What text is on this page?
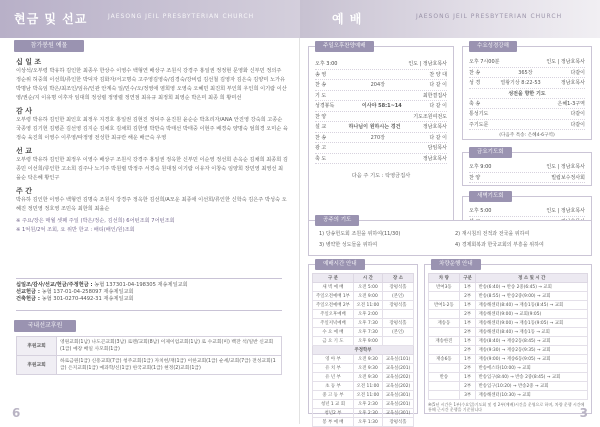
현금 및 선교	JAESONG JEIL PRESBYTERIAN CHURCH	예 배	JAESONG JEIL PRESBYTERIAN CHURCH
참가봉원 예물
십 일 조
이상석/오부령 박유하 김인한 최종우 한상수 이영수 백형연 배상구 조원식 강경주 홍일권 정정현 문영화 신부민 정의주 정순위 허중희 이선희/류인한 박덕자 김화자/서고명숙 고주영김영숙/김경숙/강비림 김선철 김영자 김은숙 김양미 노가유 박명남 박옥임 박은/최조인/임유/인관 안계숙 일/민수/오/정영애 염희영 오영숙 오혜민 최진희 부인희 우인희 이기람 이산영/권순/지 이유명 이후자 임대희 정성렬 정영렬 정연점 최유규 최정희 최영순 박은미 최종 희 황미선
감 사
오부령 박유하 김인한 최인호 최정우 지경호 홍일권 김현진 정덕주 윤진원 윤순순 박초리자/ANA 안진영 강숙희 고종순 국종영 김기헌 김병준 김선영 김지순 김채호 김채희 김한영 박반숙 박태선 박태중 이현주 배경숙 양명숙 엄희경 오미순 육정숙 육진희 이영수 이루영/따정영 전성한 최규란 해운 배근숙 우영
선 교
오부령 박유하 김인한 최정우 이영수 배상구 조원식 강경주 홍일권 정옥한 신부민 이순영 정선희 손옥순 김채희 최종희 김종민 이선희/류인한 고소희 김주나 노기주 박원렬 박정주 서경숙 원대점 이기람 이유자 이창숙 임양희 장민영 최영선 최을순 탁은혜 황인구
주 간
박유하 김인한 이영수 백형연 김명숙 조원식 강경주 정옥한 김선희/A모운 최종애 이선희/류인한 신학숙 김은주 박성숙 오혜진 정민영 정호영 조민옥 최한희 최을순
※ 주요/장은 매월 셋째 주일 (박은/정순, 김선희) 6어턴조회 7어턴조회
※ 1억원/2억 조회, 요 위반 한교 : 배티(배인/원)조회
십일조/감사/선교/헌금/주정헌금 : 농협 137301-04-198305 재송제일교회
선교헌금 : 농협 137-01-04-258097 재송제일교회
건축헌금 : 농협 301-0270-4492-31 재송제일교회
국내선교후원
후원교회	영원교회(1남) 나도곤교회(3남) 로렌/교회(8남) 이제이엄교회(1남) 로 수교회(미) 백잔 석/일반 신교회(1급) 예장 배일 사모회(1급)
후원교회	하로금원(1급) 신흥교회(7급) 청주교회(1급) 자치헌/재(1급) 이한교회(1급) 순세/교회(7급) 전성교회(1급) 은지교회(1급) 예과학/신(1급) 한국교회(1급) 현정(2)교회(1급)
6
주일오후찬양예배
오후 3:00	인도 | 정남호목사
송 영	찬 양 대
찬 송	204장	다 같 이
기 도	최한결집사
성경봉독	이사야 58:1~14	다 같 이
찬 양	기도조원여전도
설 교	하나님이 원하시는 경건	정남호목사
찬 송	270장	다 같 이
광 고	담임목사
축 도	정남호목사
다음 주 기도 : 탁영금집사
수요성경강해
오후 7시00분	인도 | 정남호목사
찬 송	365장	다같이
성 경	열왕기상 8:22-53	정남호목사
성전을 향한 기도
축 송	은혜1-3구역
통성기도	다같이
주기도문	다같이
(다음주 특송: 은혜4-6구역)
금요기도회
오후 9:00	인도 | 정남호목사
찬 양	빌립보수정사회
새벽기도회
오후 5:00	인도 | 정남호목사
공주의 기도
1) 당송헌도회 조원을 위하여(11/30)	2) 재시침의 전적과 전국을 위하여
3) 병약한 성도들을 위하여	4) 경제회복과 한국교회의 부흥을 위하여
예배시간 안내
구 분	시 간	장 소
새 벽 예 배	오전 5:00	장평석홀
주일오전예배 1부	오전 9:00	(본인)
주일오전예배 2부	오전 11:00	장평석홀
주일오후예배	오후 2:00	
주일저녁예배	오후 7:30	장평석홀
수 요 예 배	오후 7:30	(본인)
금 요 기 도	오후 9:00	
주정학부		
영 아 부	오전 9:30	교육실(101)
유 치 부	오전 9:30	교육실(201)
유 년 부	오전 9:30	교육실(202)
초 등 부	오전 11:00	교육실(202)
중 고 등 부	오전 11:00	교육실(301)
청년 1 교 회	오후 2:30	교육실(201)
청년2 부	오후 2:30	교육실(301)
봉 부 예 배	오후 1:30	장평석홀
차량운행 안내
차 량	구분	정 소 및 시 간
반여3동	1부	반송(6:40) → 반송 2중(6:45) → 교회
	2부	반송(8:55) → 반송2중(9:00) → 교회
반여1·2동	1부	재송해센터(8:40) → 재송1동(8:45) → 교회
	2부	재송해센터(9:00) → 교회(9:05)
재송동	1부	재송해센터(9:00) → 재송1동(9:05) → 교회
	2부	재송해센터(8:40) → 재송1동 → 교회
재송한진	1부	재송(8:40) → 재송2동(8:45) → 교회
	2부	재송(9:30) → 재송2동(9:35) → 교회
재송6동	1부	재송(9:00) → 재송6동(9:05) → 교회
	2부	반송에스타(10:00) → 교회
반송	1부	반송입구(8:40) → 반송 2중(8:45) → 교회
	2부	반송입구(10:20) → 반송2중 → 교회
	3부	재송해센터(10:30) → 교회
※(5년 시간은 1부(수요일)기도회 및 정 2부(예배)시간을 운영으로 하며, 차량 운행 시간에 통해 근시간 운행을 기준합니다	3
